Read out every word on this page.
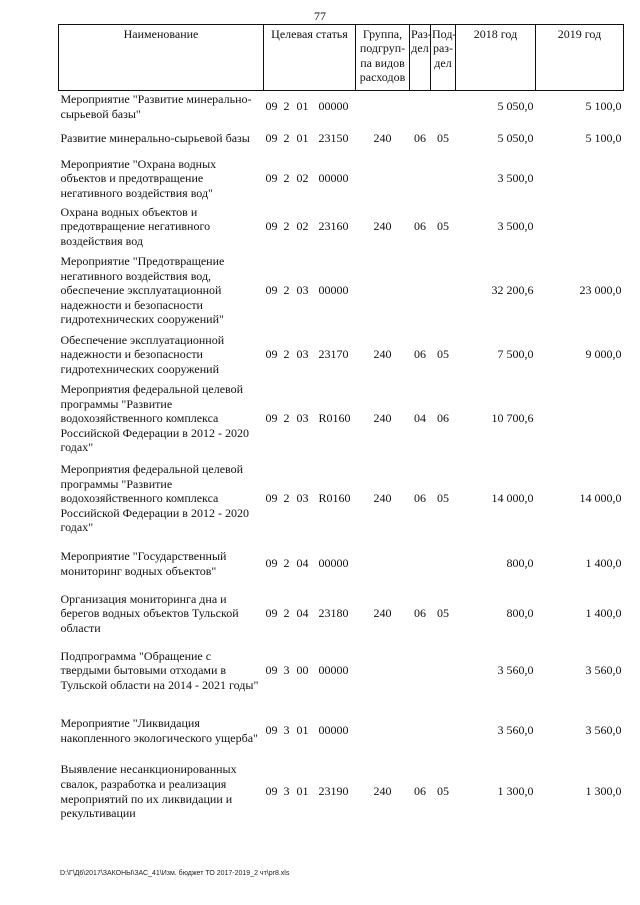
77
Наименование	Целевая статья	Группа, подгруп-па видов расходов	Раз-дел	Под-раз-дел	2018 год	2019 год
Мероприятие "Развитие минерально-сырьевой базы"	09 2 01 00000				5 050,0	5 100,0
Развитие минерально-сырьевой базы	09 2 01 23150	240	06	05	5 050,0	5 100,0
Мероприятие "Охрана водных объектов и предотвращение негативного воздействия вод"	09 2 02 00000				3 500,0	
Охрана водных объектов и предотвращение негативного воздействия вод	09 2 02 23160	240	06	05	3 500,0	
Мероприятие "Предотвращение негативного воздействия вод, обеспечение эксплуатационной надежности и безопасности гидротехнических сооружений"	09 2 03 00000				32 200,6	23 000,0
Обеспечение эксплуатационной надежности и безопасности гидротехнических сооружений	09 2 03 23170	240	06	05	7 500,0	9 000,0
Мероприятия федеральной целевой программы "Развитие водохозяйственного комплекса Российской Федерации в 2012 - 2020 годах"	09 2 03 R0160	240	04	06	10 700,6	
Мероприятия федеральной целевой программы "Развитие водохозяйственного комплекса Российской Федерации в 2012 - 2020 годах"	09 2 03 R0160	240	06	05	14 000,0	14 000,0
Мероприятие "Государственный мониторинг водных объектов"	09 2 04 00000				800,0	1 400,0
Организация мониторинга дна и берегов водных объектов Тульской области	09 2 04 23180	240	06	05	800,0	1 400,0
Подпрограмма "Обращение с твердыми бытовыми отходами в Тульской области на 2014 - 2021 годы"	09 3 00 00000				3 560,0	3 560,0
Мероприятие "Ликвидация накопленного экологического ущерба"	09 3 01 00000				3 560,0	3 560,0
Выявление несанкционированных свалок, разработка и реализация мероприятий по их ликвидации и рекультивации	09 3 01 23190	240	06	05	1 300,0	1 300,0
D:\Г\Д6\2017\ЗАКОНЫ\ЗАС_41\Изм. бюджет ТО 2017-2019_2 чт\pr8.xls
